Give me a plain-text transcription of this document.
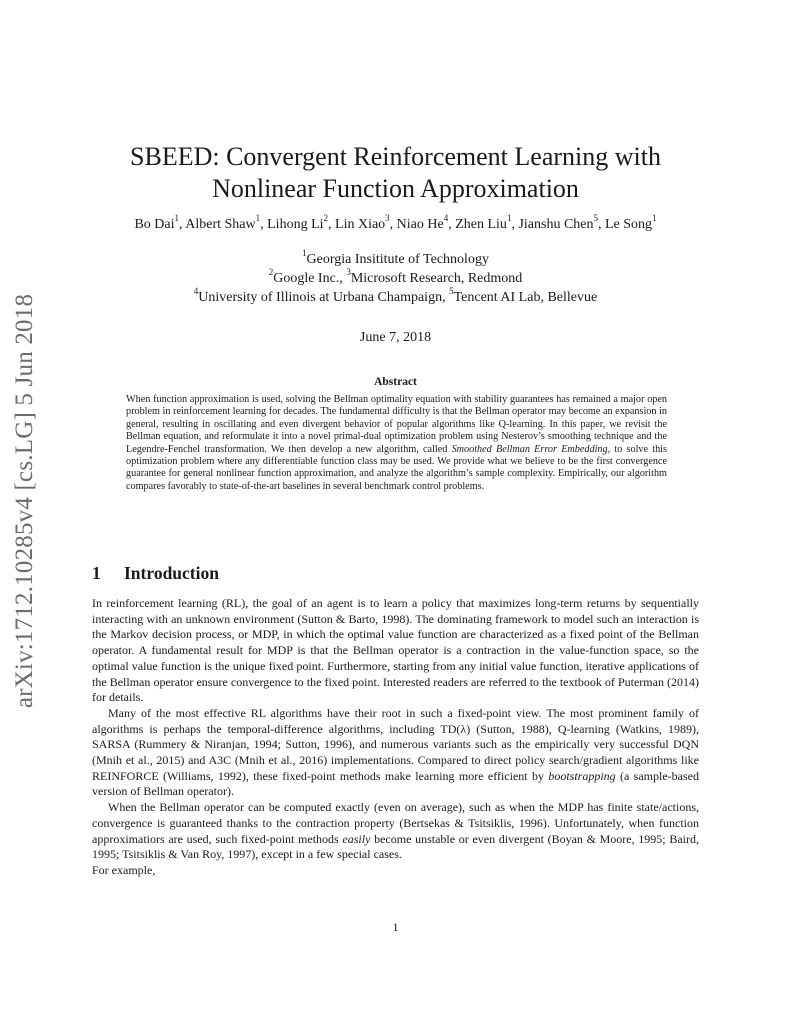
arXiv:1712.10285v4 [cs.LG] 5 Jun 2018
SBEED: Convergent Reinforcement Learning with
Nonlinear Function Approximation
Bo Dai$^1$, Albert Shaw$^1$, Lihong Li$^2$, Lin Xiao$^3$, Niao He$^4$, Zhen Liu$^1$, Jianshu Chen$^5$, Le Song$^1$
$^1$Georgia Insititute of Technology
$^2$Google Inc., $^3$Microsoft Research, Redmond
$^4$University of Illinois at Urbana Champaign, $^5$Tencent AI Lab, Bellevue
June 7, 2018
Abstract

When function approximation is used, solving the Bellman optimality equation with stability guarantees has remained a major open problem in reinforcement learning for decades. The fundamental difficulty is that the Bellman operator may become an expansion in general, resulting in oscillating and even divergent behavior of popular algorithms like Q-learning. In this paper, we revisit the Bellman equation, and reformulate it into a novel primal-dual optimization problem using Nesterov’s smoothing technique and the Legendre-Fenchel transformation. We then develop a new algorithm, called Smoothed Bellman Error Embedding, to solve this optimization problem where any differentiable function class may be used. We provide what we believe to be the first convergence guarantee for general nonlinear function approximation, and analyze the algorithm’s sample complexity. Empirically, our algorithm compares favorably to state-of-the-art baselines in several benchmark control problems.

1 Introduction

In reinforcement learning (RL), the goal of an agent is to learn a policy that maximizes long-term returns by sequentially interacting with an unknown environment (Sutton & Barto, 1998). The dominating framework to model such an interaction is the Markov decision process, or MDP, in which the optimal value function are characterized as a fixed point of the Bellman operator. A fundamental result for MDP is that the Bellman operator is a contraction in the value-function space, so the optimal value function is the unique fixed point. Furthermore, starting from any initial value function, iterative applications of the Bellman operator ensure convergence to the fixed point. Interested readers are referred to the textbook of Puterman (2014) for details.

Many of the most effective RL algorithms have their root in such a fixed-point view. The most prominent family of algorithms is perhaps the temporal-difference algorithms, including TD(λ) (Sutton, 1988), Q-learning (Watkins, 1989), SARSA (Rummery & Niranjan, 1994; Sutton, 1996), and numerous variants such as the empirically very successful DQN (Mnih et al., 2015) and A3C (Mnih et al., 2016) implementations. Compared to direct policy search/gradient algorithms like REINFORCE (Williams, 1992), these fixed-point methods make learning more efficient by bootstrapping (a sample-based version of Bellman operator).

When the Bellman operator can be computed exactly (even on average), such as when the MDP has finite state/actions, convergence is guaranteed thanks to the contraction property (Bertsekas & Tsitsiklis, 1996). Unfortunately, when function approximatiors are used, such fixed-point methods easily become unstable or even divergent (Boyan & Moore, 1995; Baird, 1995; Tsitsiklis & Van Roy, 1997), except in a few special cases.

For example,

1
